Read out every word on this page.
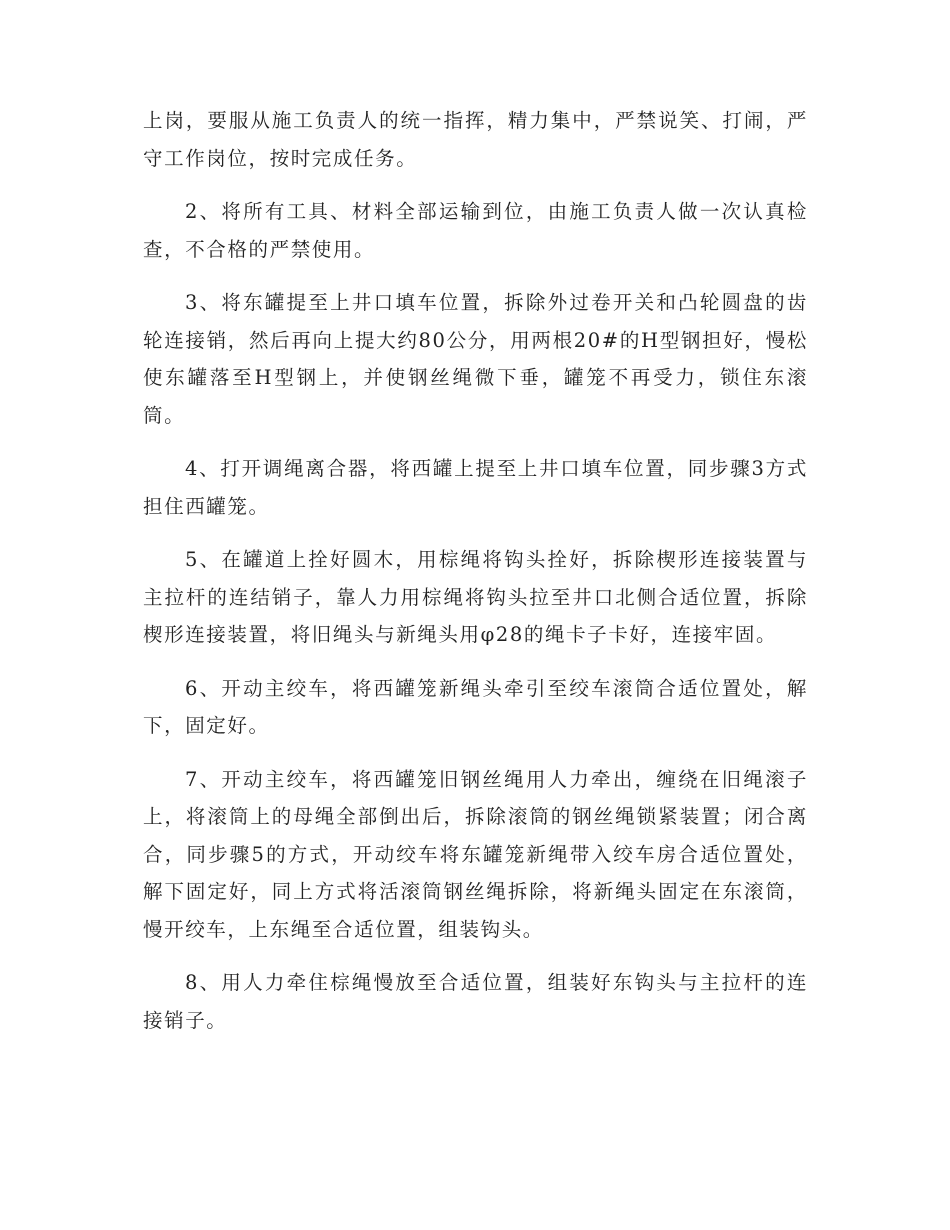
上岗，要服从施工负责人的统一指挥，精力集中，严禁说笑、打闹，严守工作岗位，按时完成任务。

2、将所有工具、材料全部运输到位，由施工负责人做一次认真检查，不合格的严禁使用。

3、将东罐提至上井口填车位置，拆除外过卷开关和凸轮圆盘的齿轮连接销，然后再向上提大约80公分，用两根20#的H型钢担好，慢松使东罐落至H型钢上，并使钢丝绳微下垂，罐笼不再受力，锁住东滚筒。

4、打开调绳离合器，将西罐上提至上井口填车位置，同步骤3方式担住西罐笼。

5、在罐道上拴好圆木，用棕绳将钩头拴好，拆除楔形连接装置与主拉杆的连结销子，靠人力用棕绳将钩头拉至井口北侧合适位置，拆除楔形连接装置，将旧绳头与新绳头用φ28的绳卡子卡好，连接牢固。

6、开动主绞车，将西罐笼新绳头牵引至绞车滚筒合适位置处，解下，固定好。

7、开动主绞车，将西罐笼旧钢丝绳用人力牵出，缠绕在旧绳滚子上，将滚筒上的母绳全部倒出后，拆除滚筒的钢丝绳锁紧装置；闭合离合，同步骤5的方式，开动绞车将东罐笼新绳带入绞车房合适位置处，解下固定好，同上方式将活滚筒钢丝绳拆除，将新绳头固定在东滚筒，慢开绞车，上东绳至合适位置，组装钩头。

8、用人力牵住棕绳慢放至合适位置，组装好东钩头与主拉杆的连接销子。
